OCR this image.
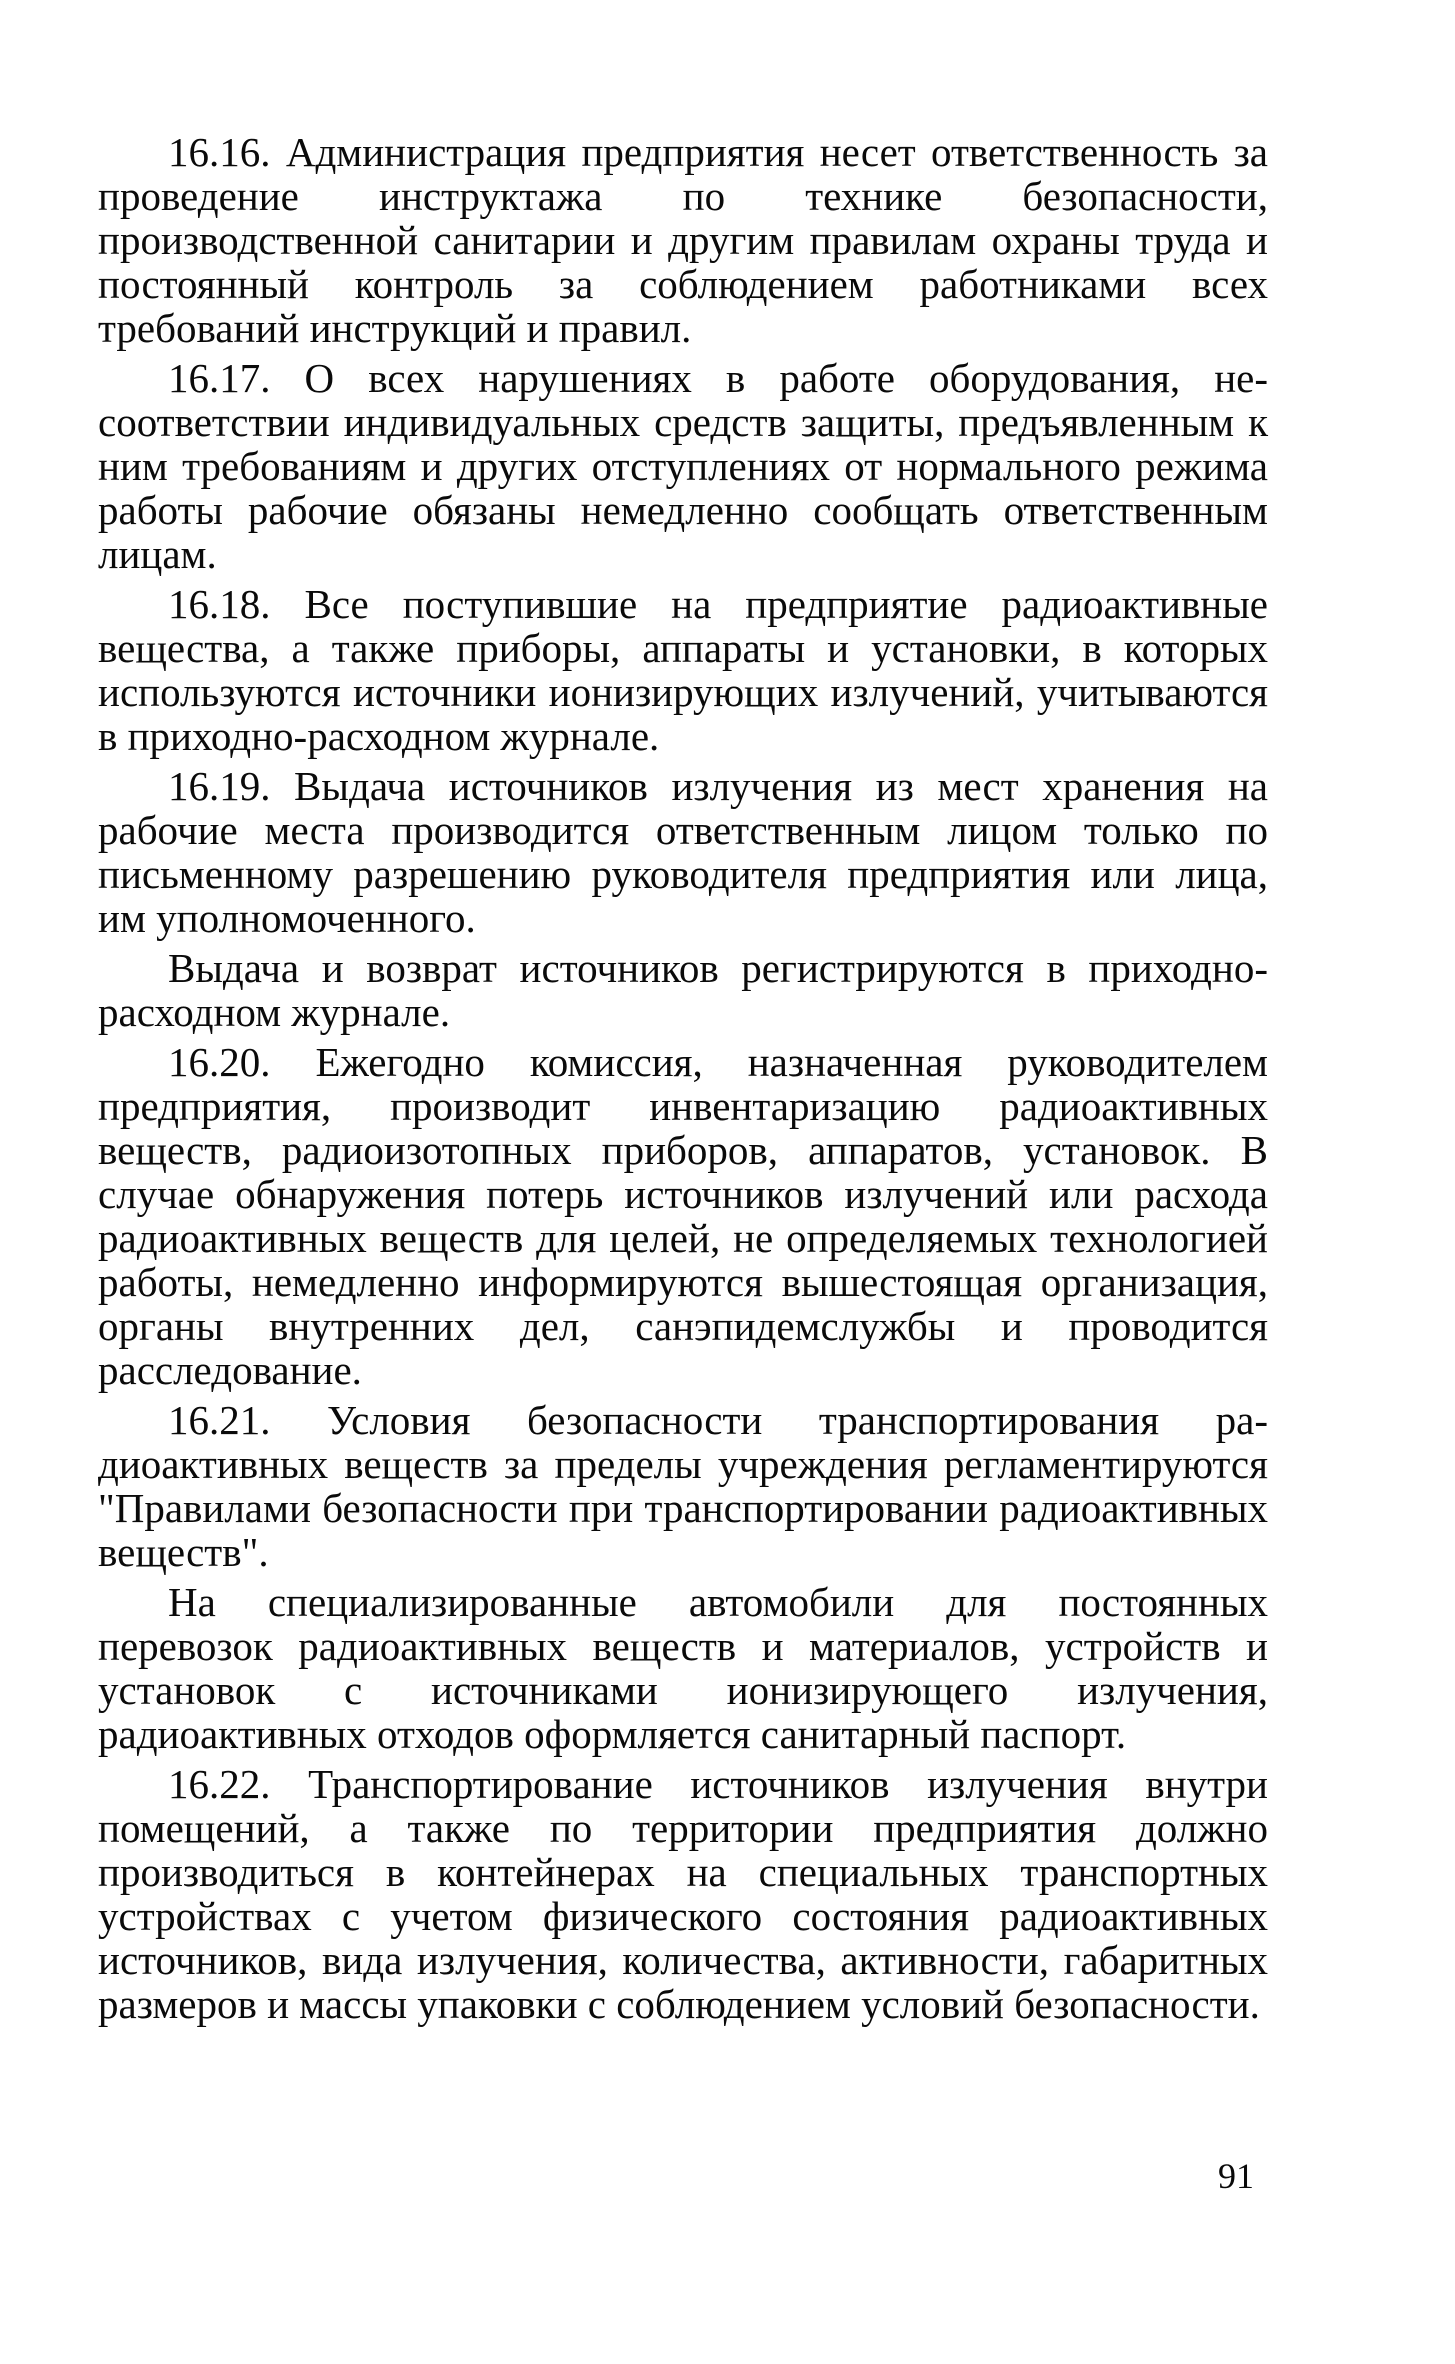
16.16. Администрация предприятия несет ответственность за проведение инструктажа по технике безопасности, производственной санитарии и другим правилам охраны труда и постоянный контроль за соблюдением работниками всех требований инструкций и правил.

16.17. О всех нарушениях в работе оборудования, несоответствии индивидуальных средств защиты, предъявленным к ним требованиям и других отступлениях от нормального режима работы рабочие обязаны немедленно сообщать ответственным лицам.

16.18. Все поступившие на предприятие радиоактивные вещества, а также приборы, аппараты и установки, в которых используются источники ионизирующих излучений, учитываются в приходно-расходном журнале.

16.19. Выдача источников излучения из мест хранения на рабочие места производится ответственным лицом только по письменному разрешению руководителя предприятия или лица, им уполномоченного.

Выдача и возврат источников регистрируются в приходно-расходном журнале.

16.20. Ежегодно комиссия, назначенная руководителем предприятия, производит инвентаризацию радиоактивных веществ, радиоизотопных приборов, аппаратов, установок. В случае обнаружения потерь источников излучений или расхода радиоактивных веществ для целей, не определяемых технологией работы, немедленно информируются вышестоящая организация, органы внутренних дел, санэпидемслужбы и проводится расследование.

16.21. Условия безопасности транспортирования радиоактивных веществ за пределы учреждения регламентируются "Правилами безопасности при транспортировании радиоактивных веществ".

На специализированные автомобили для постоянных перевозок радиоактивных веществ и материалов, устройств и установок с источниками ионизирующего излучения, радиоактивных отходов оформляется санитарный паспорт.

16.22. Транспортирование источников излучения внутри помещений, а также по территории предприятия должно производиться в контейнерах на специальных транспортных устройствах с учетом физического состояния радиоактивных источников, вида излучения, количества, активности, габаритных размеров и массы упаковки с соблюдением условий безопасности.

91
